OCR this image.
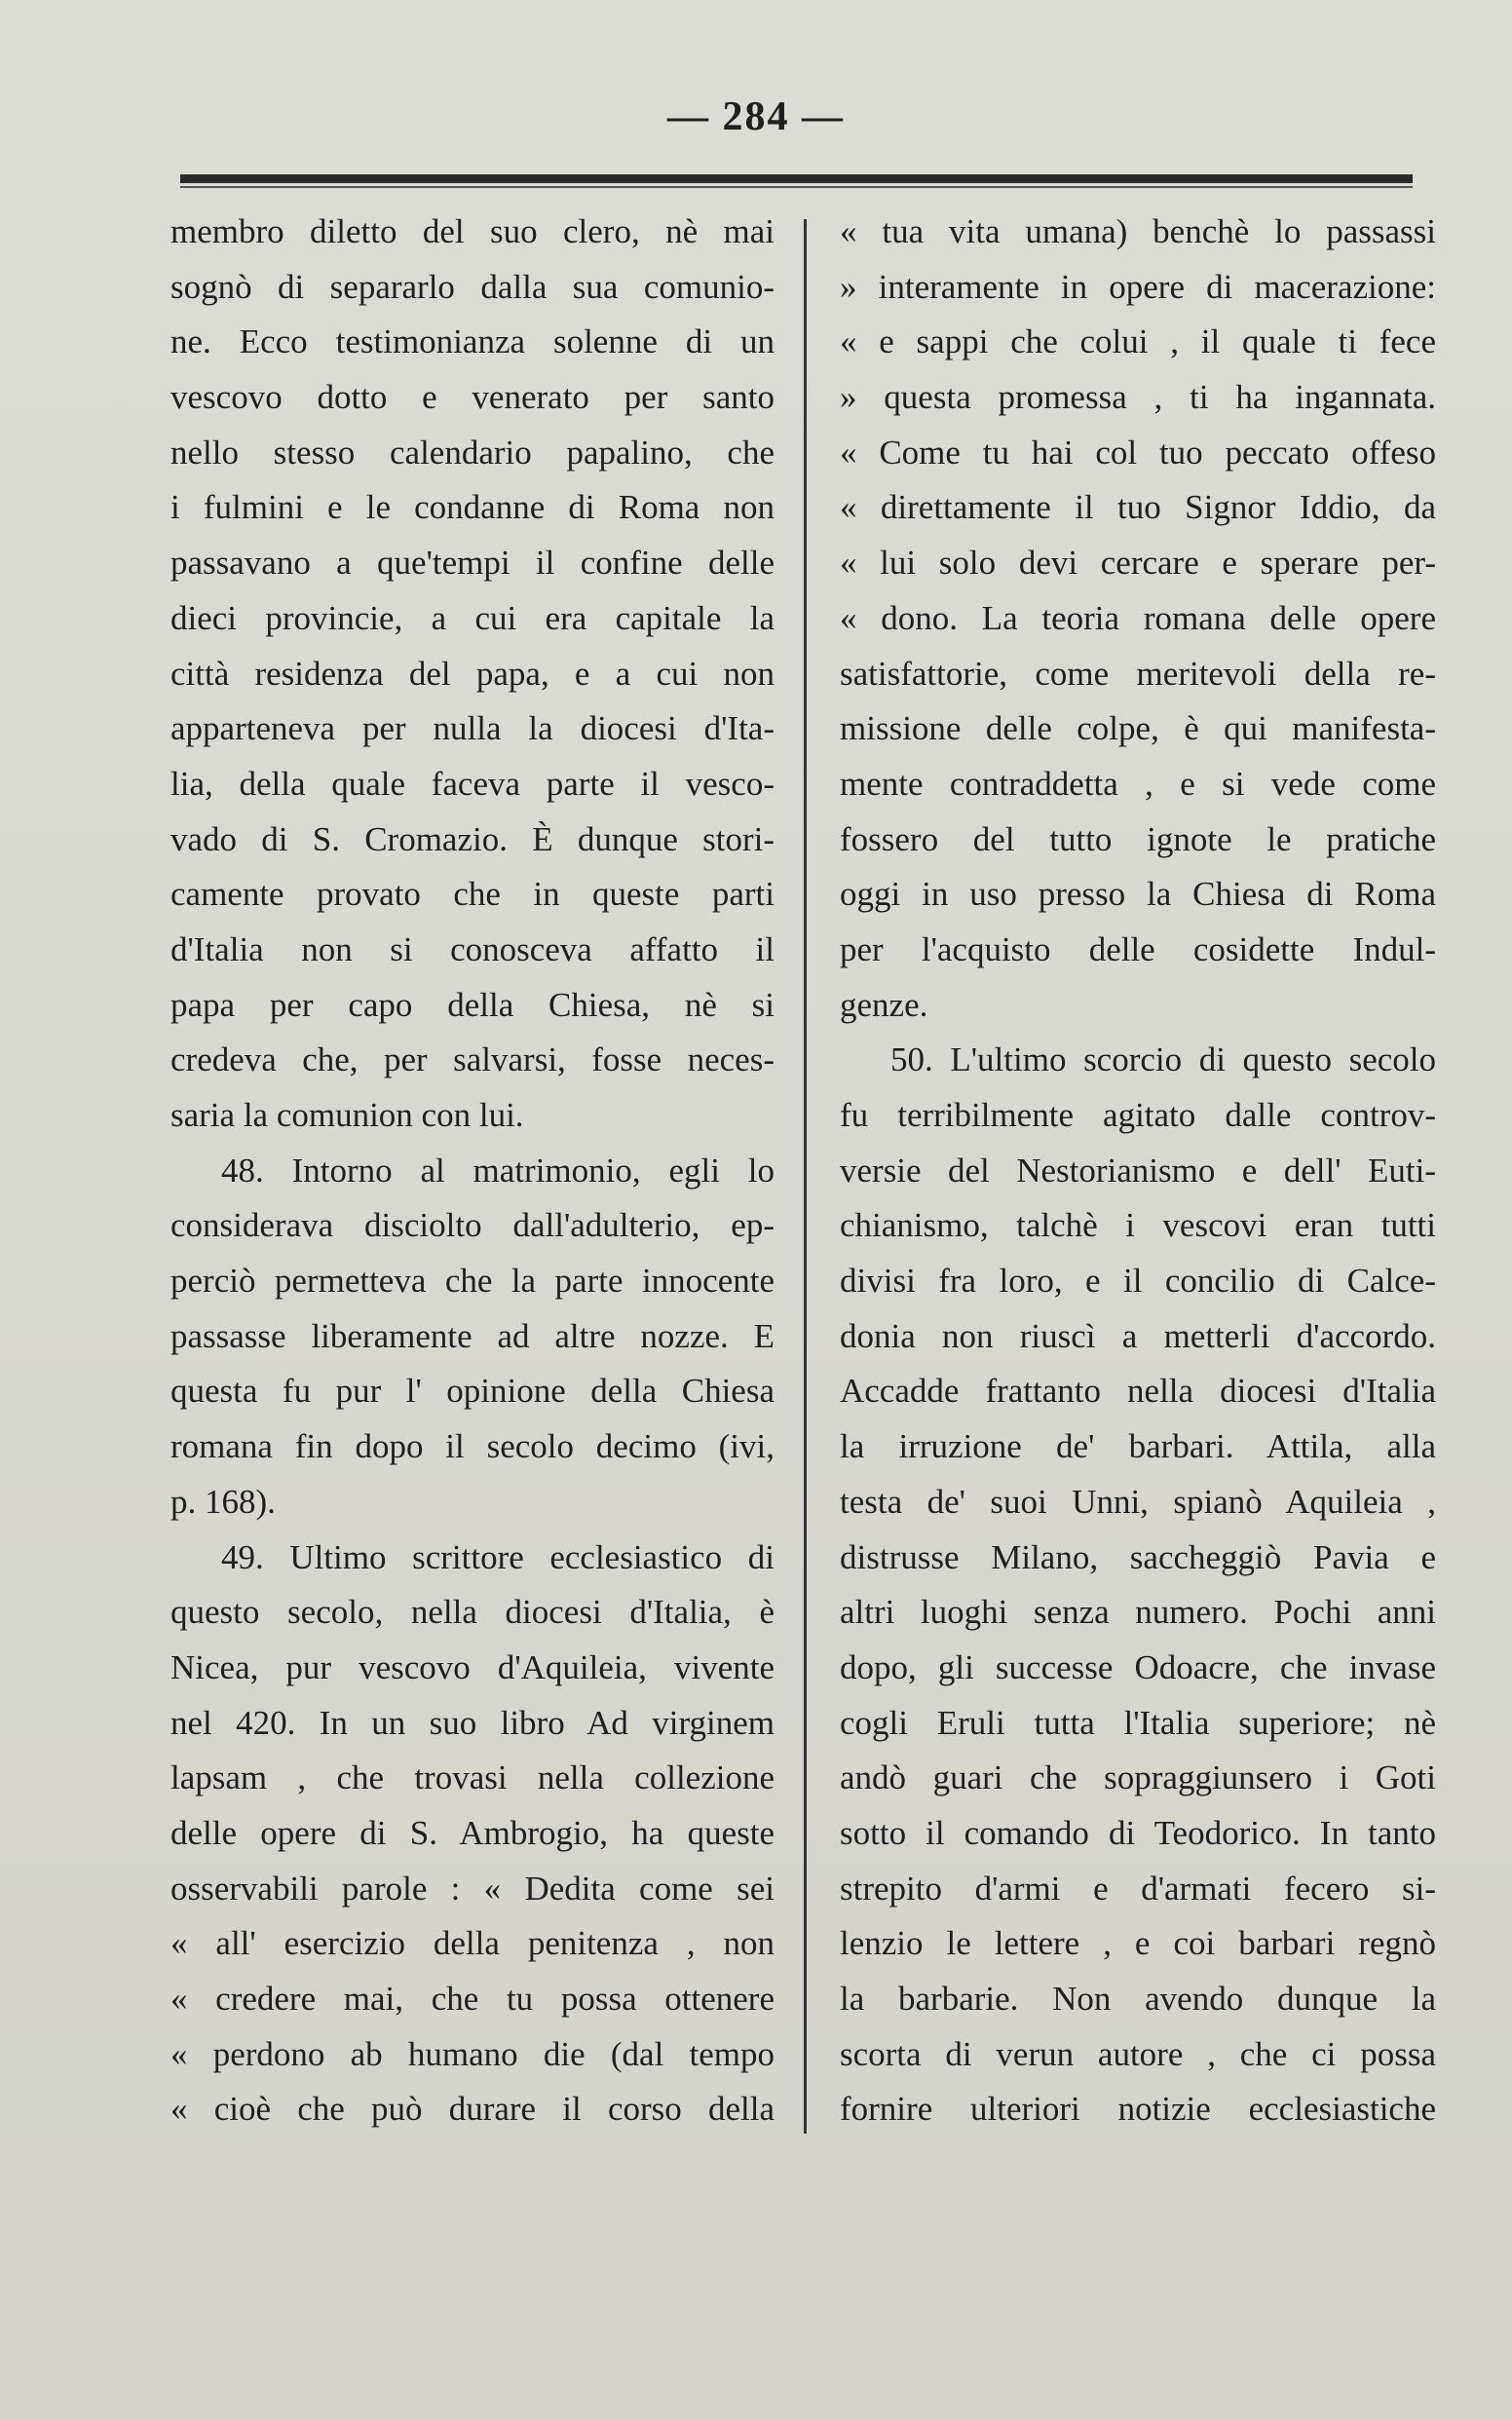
— 284 —
membro diletto del suo clero, nè mai
sognò di separarlo dalla sua comunio-
ne. Ecco testimonianza solenne di un
vescovo dotto e venerato per santo
nello stesso calendario papalino, che
i fulmini e le condanne di Roma non
passavano a que'tempi il confine delle
dieci provincie, a cui era capitale la
città residenza del papa, e a cui non
apparteneva per nulla la diocesi d'Ita-
lia, della quale faceva parte il vesco-
vado di S. Cromazio. È dunque stori-
camente provato che in queste parti
d'Italia non si conosceva affatto il
papa per capo della Chiesa, nè si
credeva che, per salvarsi, fosse neces-
saria la comunion con lui.
48. Intorno al matrimonio, egli lo
considerava disciolto dall'adulterio, ep-
perciò permetteva che la parte innocente
passasse liberamente ad altre nozze. E
questa fu pur l' opinione della Chiesa
romana fin dopo il secolo decimo (ivi,
p. 168).
49. Ultimo scrittore ecclesiastico di
questo secolo, nella diocesi d'Italia, è
Nicea, pur vescovo d'Aquileia, vivente
nel 420. In un suo libro Ad virginem
lapsam , che trovasi nella collezione
delle opere di S. Ambrogio, ha queste
osservabili parole : « Dedita come sei
« all' esercizio della penitenza , non
« credere mai, che tu possa ottenere
« perdono ab humano die (dal tempo
« cioè che può durare il corso della
« tua vita umana) benchè lo passassi
» interamente in opere di macerazione:
« e sappi che colui , il quale ti fece
» questa promessa , ti ha ingannata.
« Come tu hai col tuo peccato offeso
« direttamente il tuo Signor Iddio, da
« lui solo devi cercare e sperare per-
« dono. La teoria romana delle opere
satisfattorie, come meritevoli della re-
missione delle colpe, è qui manifesta-
mente contraddetta , e si vede come
fossero del tutto ignote le pratiche
oggi in uso presso la Chiesa di Roma
per l'acquisto delle cosidette Indul-
genze.
50. L'ultimo scorcio di questo secolo
fu terribilmente agitato dalle controv-
versie del Nestorianismo e dell' Euti-
chianismo, talchè i vescovi eran tutti
divisi fra loro, e il concilio di Calce-
donia non riuscì a metterli d'accordo.
Accadde frattanto nella diocesi d'Italia
la irruzione de' barbari. Attila, alla
testa de' suoi Unni, spianò Aquileia ,
distrusse Milano, saccheggiò Pavia e
altri luoghi senza numero. Pochi anni
dopo, gli successe Odoacre, che invase
cogli Eruli tutta l'Italia superiore; nè
andò guari che sopraggiunsero i Goti
sotto il comando di Teodorico. In tanto
strepito d'armi e d'armati fecero si-
lenzio le lettere , e coi barbari regnò
la barbarie. Non avendo dunque la
scorta di verun autore , che ci possa
fornire ulteriori notizie ecclesiastiche
